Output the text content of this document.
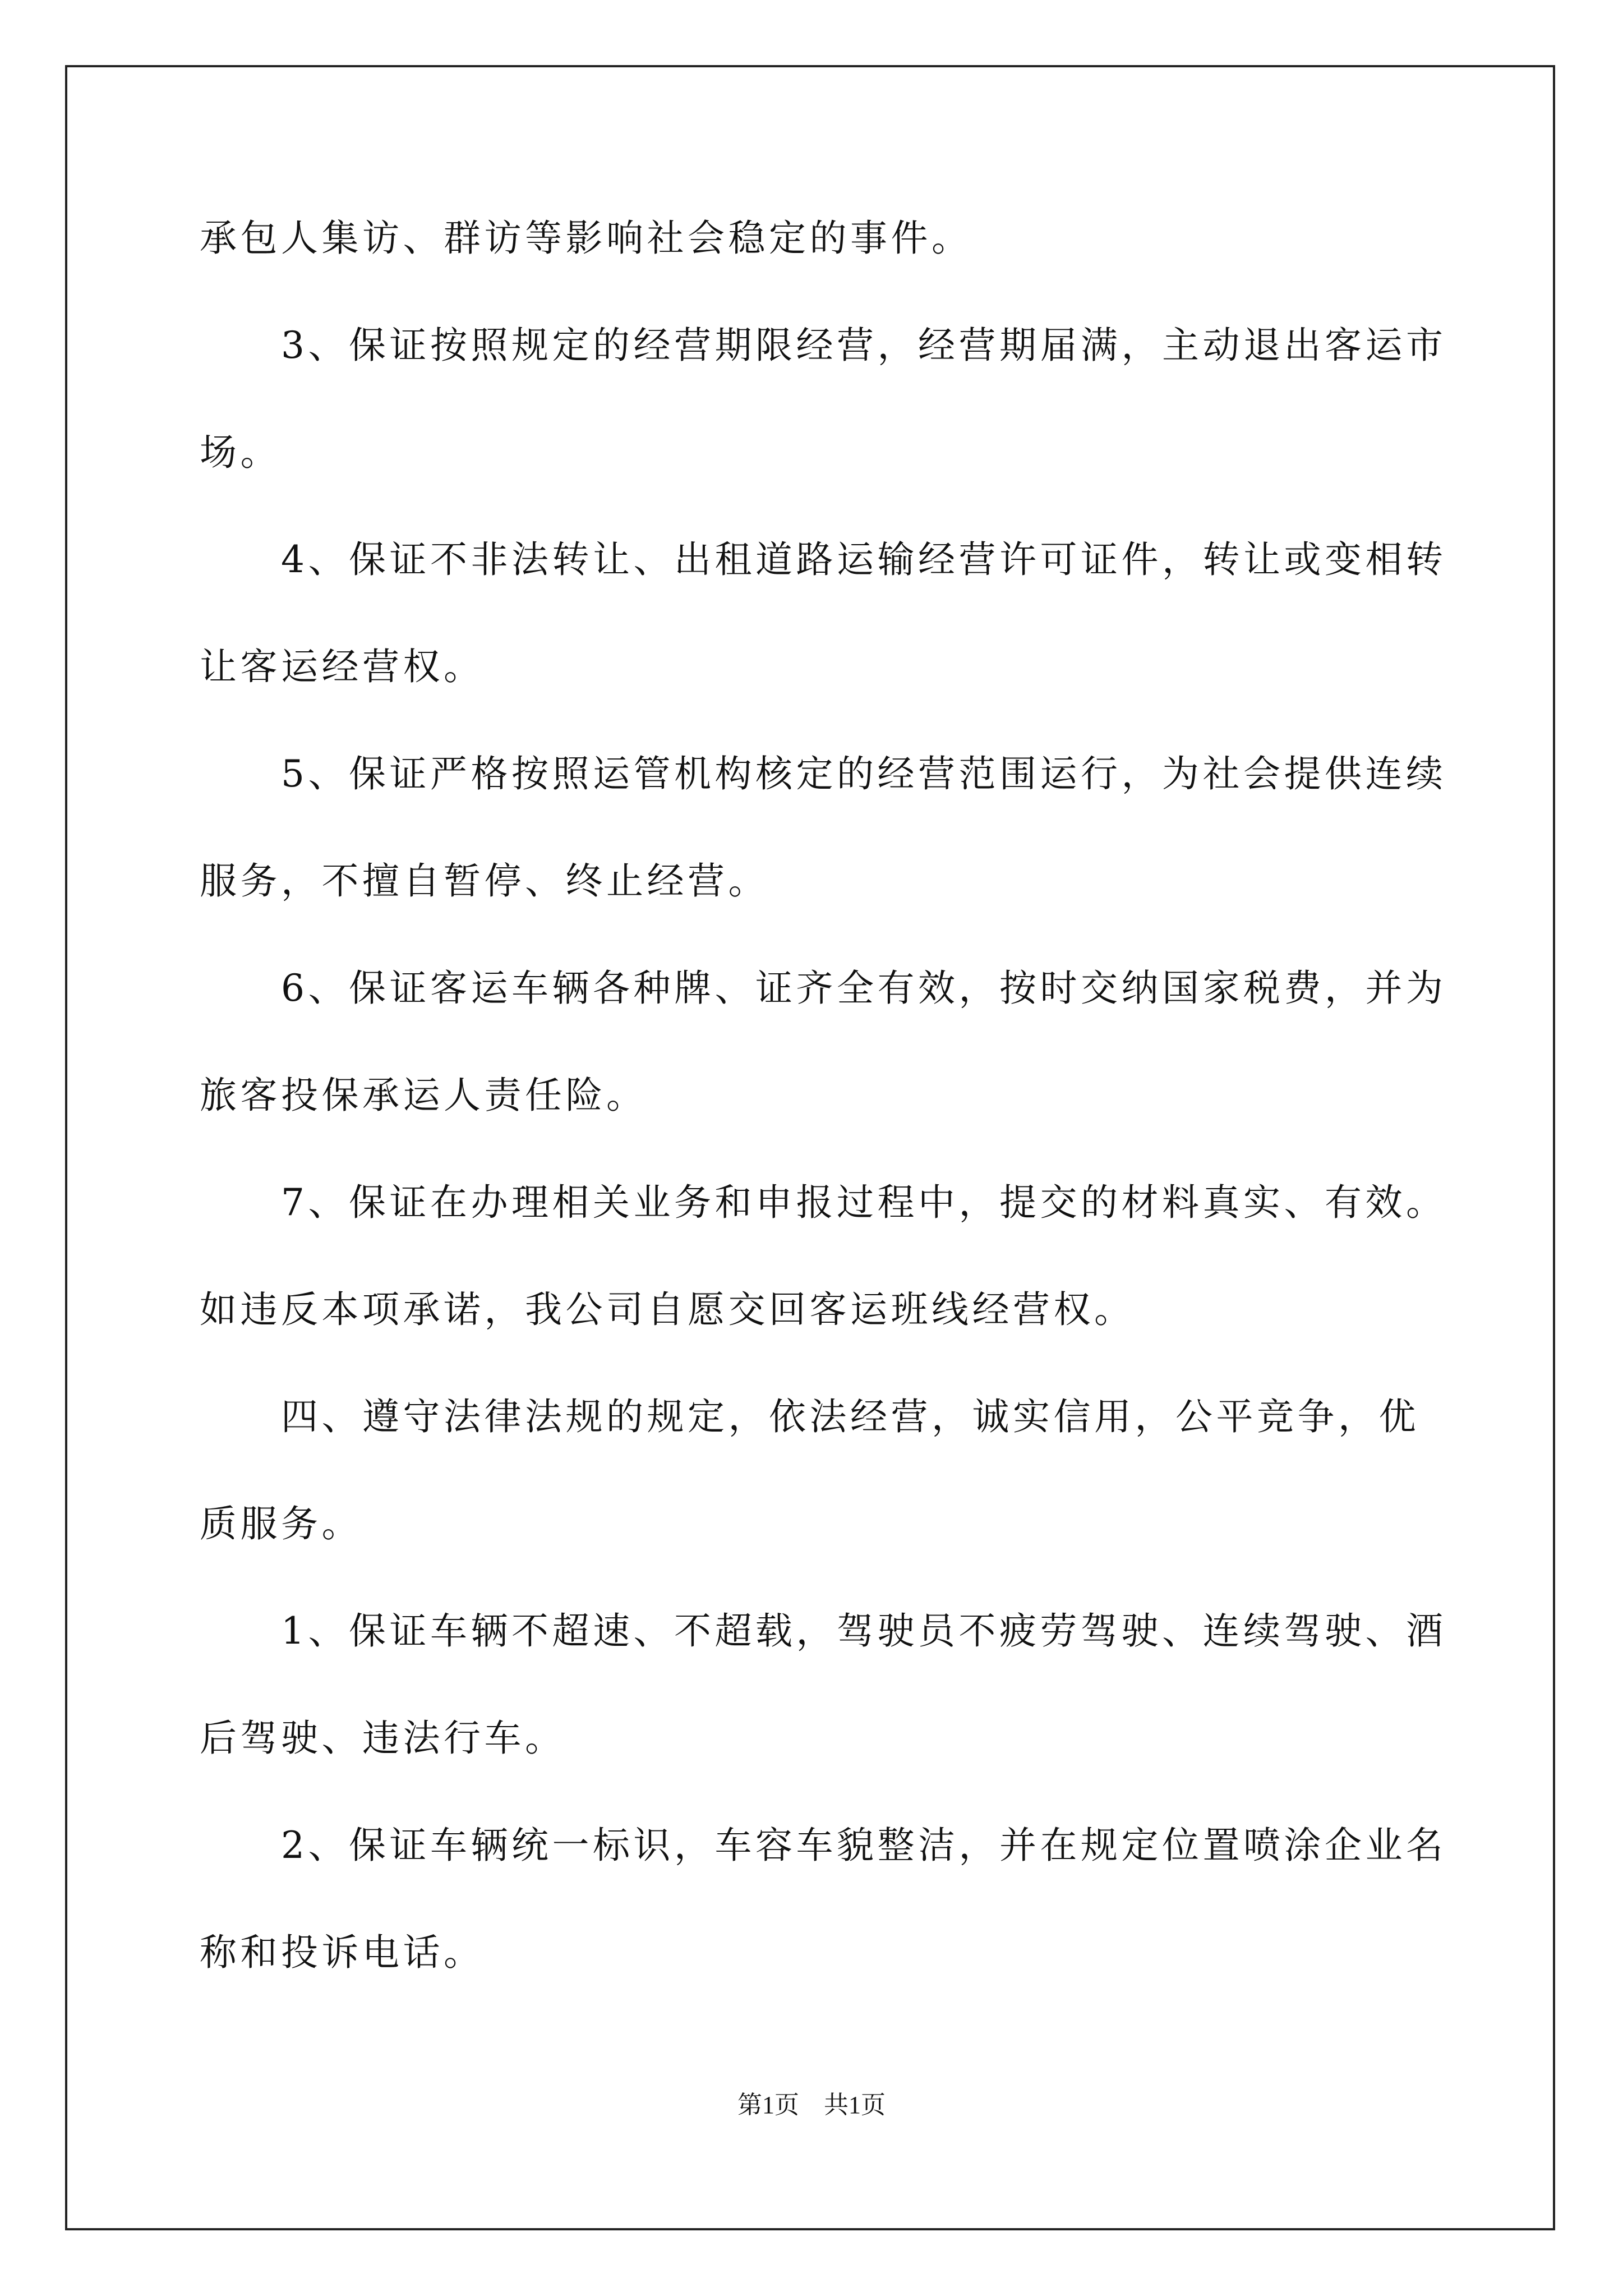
承包人集访、群访等影响社会稳定的事件。
　　3、保证按照规定的经营期限经营，经营期届满，主动退出客运市
场。
　　4、保证不非法转让、出租道路运输经营许可证件，转让或变相转
让客运经营权。
　　5、保证严格按照运管机构核定的经营范围运行，为社会提供连续
服务，不擅自暂停、终止经营。
　　6、保证客运车辆各种牌、证齐全有效，按时交纳国家税费，并为
旅客投保承运人责任险。
　　7、保证在办理相关业务和申报过程中，提交的材料真实、有效。
如违反本项承诺，我公司自愿交回客运班线经营权。
　　四、遵守法律法规的规定，依法经营，诚实信用，公平竞争，优
质服务。
　　1、保证车辆不超速、不超载，驾驶员不疲劳驾驶、连续驾驶、酒
后驾驶、违法行车。
　　2、保证车辆统一标识，车容车貌整洁，并在规定位置喷涂企业名
称和投诉电话。
第1页　共1页
